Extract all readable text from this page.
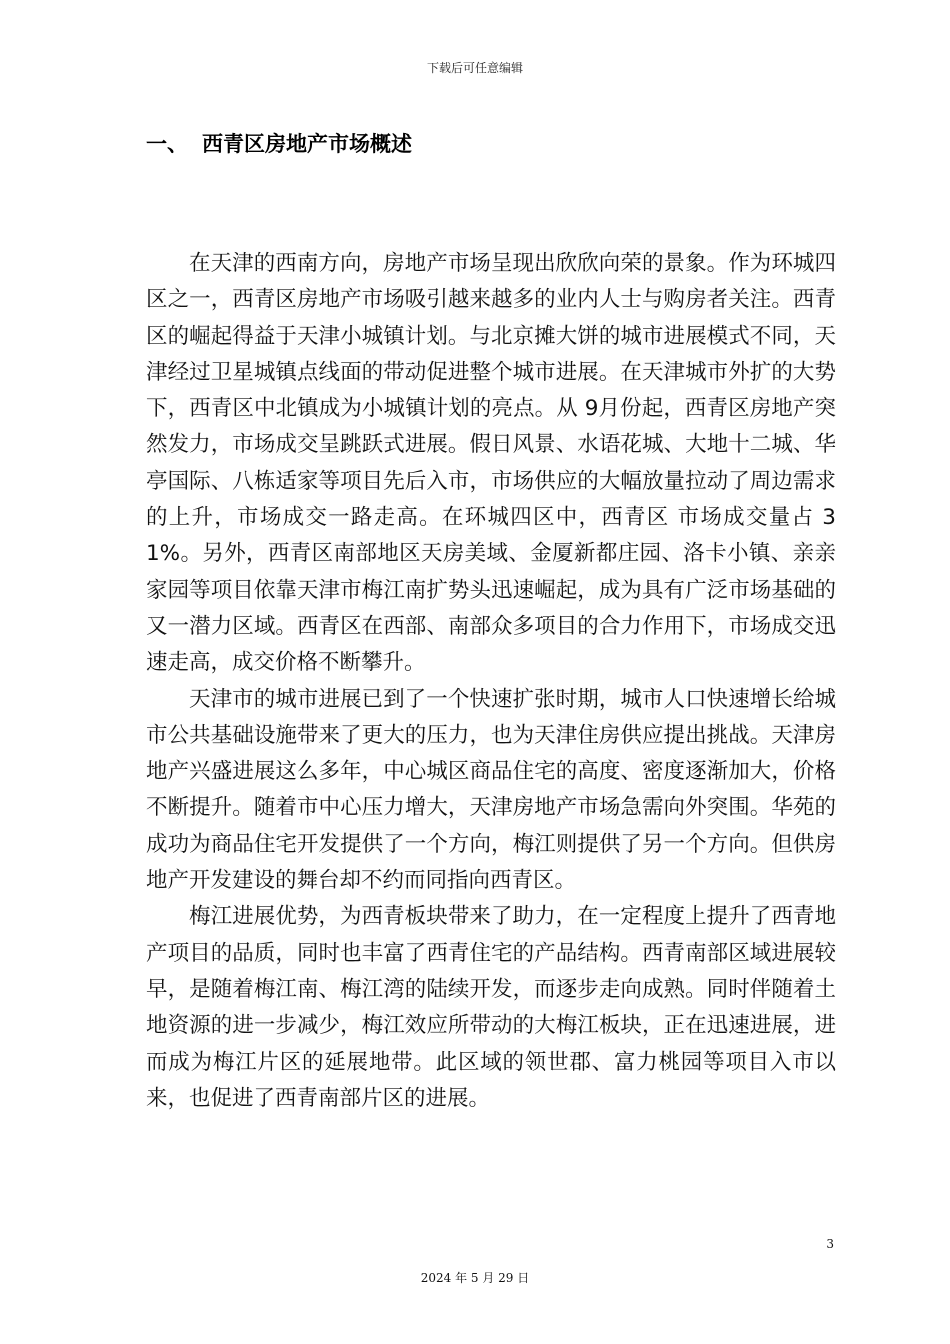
下载后可任意编辑
一、 西青区房地产市场概述

在天津的西南方向，房地产市场呈现出欣欣向荣的景象。作为环城四区之一，西青区房地产市场吸引越来越多的业内人士与购房者关注。西青区的崛起得益于天津小城镇计划。与北京摊大饼的城市进展模式不同，天津经过卫星城镇点线面的带动促进整个城市进展。在天津城市外扩的大势下，西青区中北镇成为小城镇计划的亮点。从 9月份起，西青区房地产突然发力，市场成交呈跳跃式进展。假日风景、水语花城、大地十二城、华亭国际、八栋适家等项目先后入市，市场供应的大幅放量拉动了周边需求的上升，市场成交一路走高。在环城四区中，西青区 市场成交量占 31%。另外，西青区南部地区天房美域、金厦新都庄园、洛卡小镇、亲亲家园等项目依靠天津市梅江南扩势头迅速崛起，成为具有广泛市场基础的又一潜力区域。西青区在西部、南部众多项目的合力作用下，市场成交迅速走高，成交价格不断攀升。

天津市的城市进展已到了一个快速扩张时期，城市人口快速增长给城市公共基础设施带来了更大的压力，也为天津住房供应提出挑战。天津房地产兴盛进展这么多年，中心城区商品住宅的高度、密度逐渐加大，价格不断提升。随着市中心压力增大，天津房地产市场急需向外突围。华苑的成功为商品住宅开发提供了一个方向，梅江则提供了另一个方向。但供房地产开发建设的舞台却不约而同指向西青区。

梅江进展优势，为西青板块带来了助力，在一定程度上提升了西青地产项目的品质，同时也丰富了西青住宅的产品结构。西青南部区域进展较早，是随着梅江南、梅江湾的陆续开发，而逐步走向成熟。同时伴随着土地资源的进一步减少，梅江效应所带动的大梅江板块，正在迅速进展，进而成为梅江片区的延展地带。此区域的领世郡、富力桃园等项目入市以来，也促进了西青南部片区的进展。

3
2024 年 5 月 29 日
